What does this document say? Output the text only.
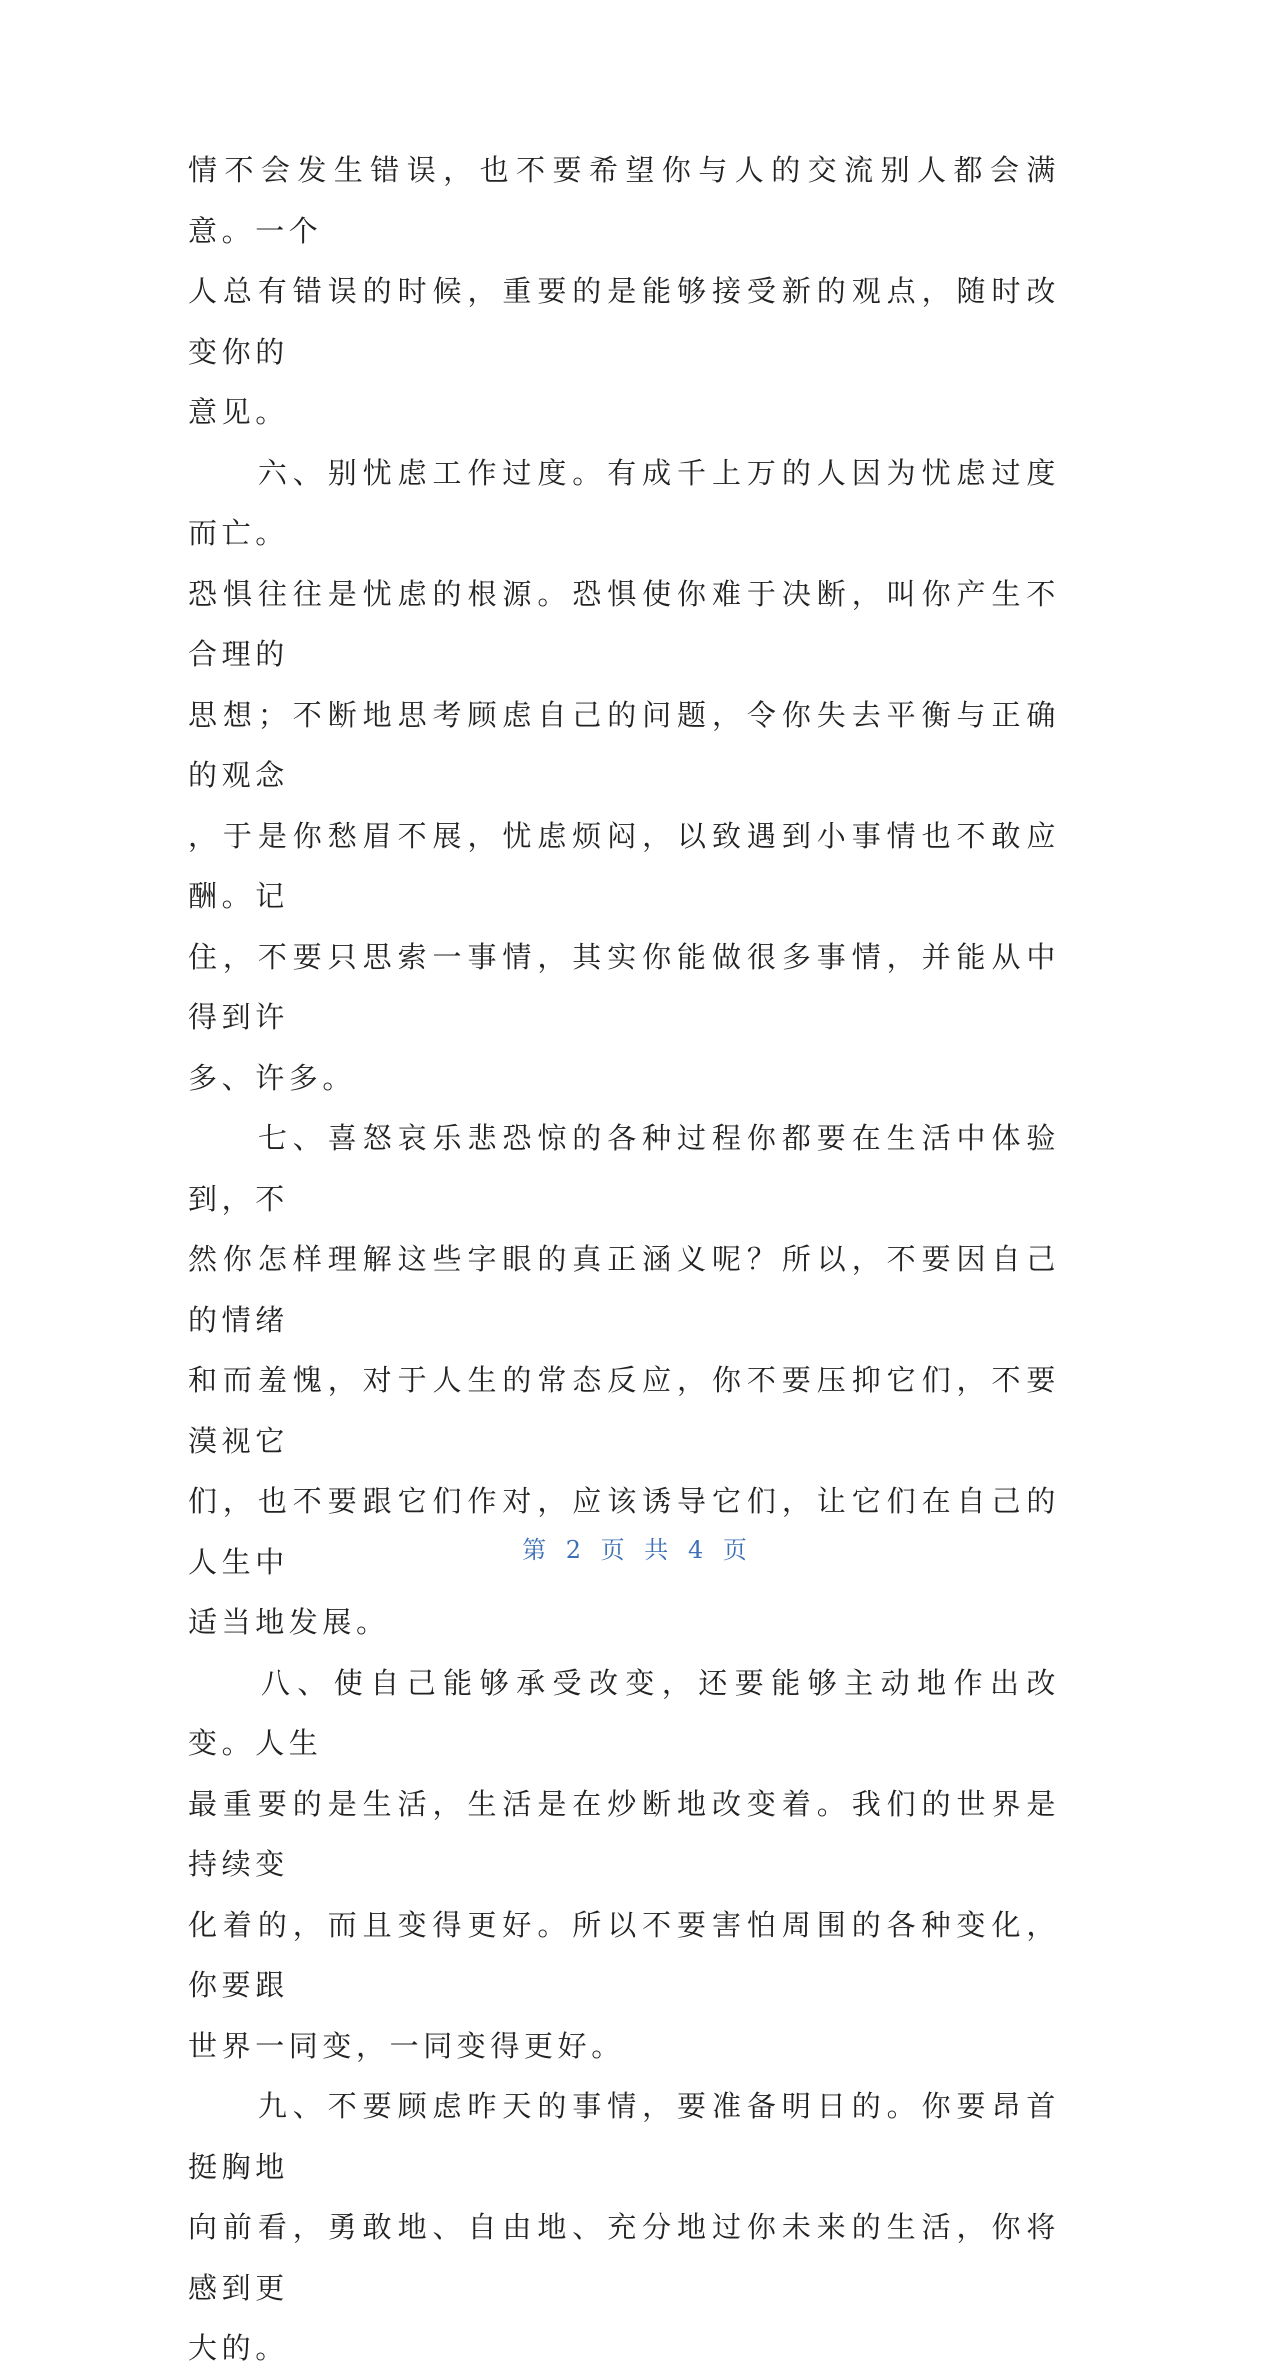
情不会发生错误，也不要希望你与人的交流别人都会满意。一个
人总有错误的时候，重要的是能够接受新的观点，随时改变你的
意见。

　　六、别忧虑工作过度。有成千上万的人因为忧虑过度而亡。
恐惧往往是忧虑的根源。恐惧使你难于决断，叫你产生不合理的
思想；不断地思考顾虑自己的问题，令你失去平衡与正确的观念
，于是你愁眉不展，忧虑烦闷，以致遇到小事情也不敢应酬。记
住，不要只思索一事情，其实你能做很多事情，并能从中得到许
多、许多。

　　七、喜怒哀乐悲恐惊的各种过程你都要在生活中体验到，不
然你怎样理解这些字眼的真正涵义呢？所以，不要因自己的情绪
和而羞愧，对于人生的常态反应，你不要压抑它们，不要漠视它
们，也不要跟它们作对，应该诱导它们，让它们在自己的人生中
适当地发展。

　　八、使自己能够承受改变，还要能够主动地作出改变。人生
最重要的是生活，生活是在炒断地改变着。我们的世界是持续变
化着的，而且变得更好。所以不要害怕周围的各种变化，你要跟
世界一同变，一同变得更好。

　　九、不要顾虑昨天的事情，要准备明日的。你要昂首挺胸地
向前看，勇敢地、自由地、充分地过你未来的生活，你将感到更
大的。

第 2 页 共 4 页
